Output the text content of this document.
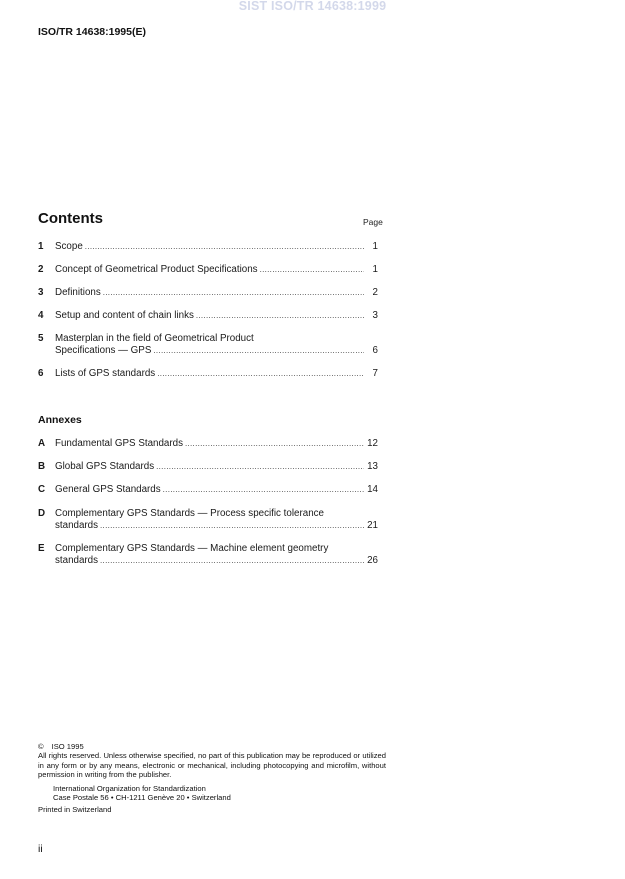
SIST ISO/TR 14638:1999
ISO/TR 14638:1995(E)
Contents	Page
1	Scope .....	1
2	Concept of Geometrical Product Specifications .....	1
3	Definitions .....	2
4	Setup and content of chain links .....	3
5	Masterplan in the field of Geometrical Product
Specifications — GPS .....	6
6	Lists of GPS standards .....	7
Annexes
A	Fundamental GPS Standards .....	12
B	Global GPS Standards .....	13
C	General GPS Standards .....	14
D	Complementary GPS Standards — Process specific tolerance
standards .....	21
E	Complementary GPS Standards — Machine element geometry
standards .....	26
© ISO 1995
All rights reserved. Unless otherwise specified, no part of this publication may be reproduced or utilized in any form or by any means, electronic or mechanical, including photocopying and microfilm, without permission in writing from the publisher.
International Organization for Standardization
Case Postale 56 • CH-1211 Genève 20 • Switzerland
Printed in Switzerland
ii
